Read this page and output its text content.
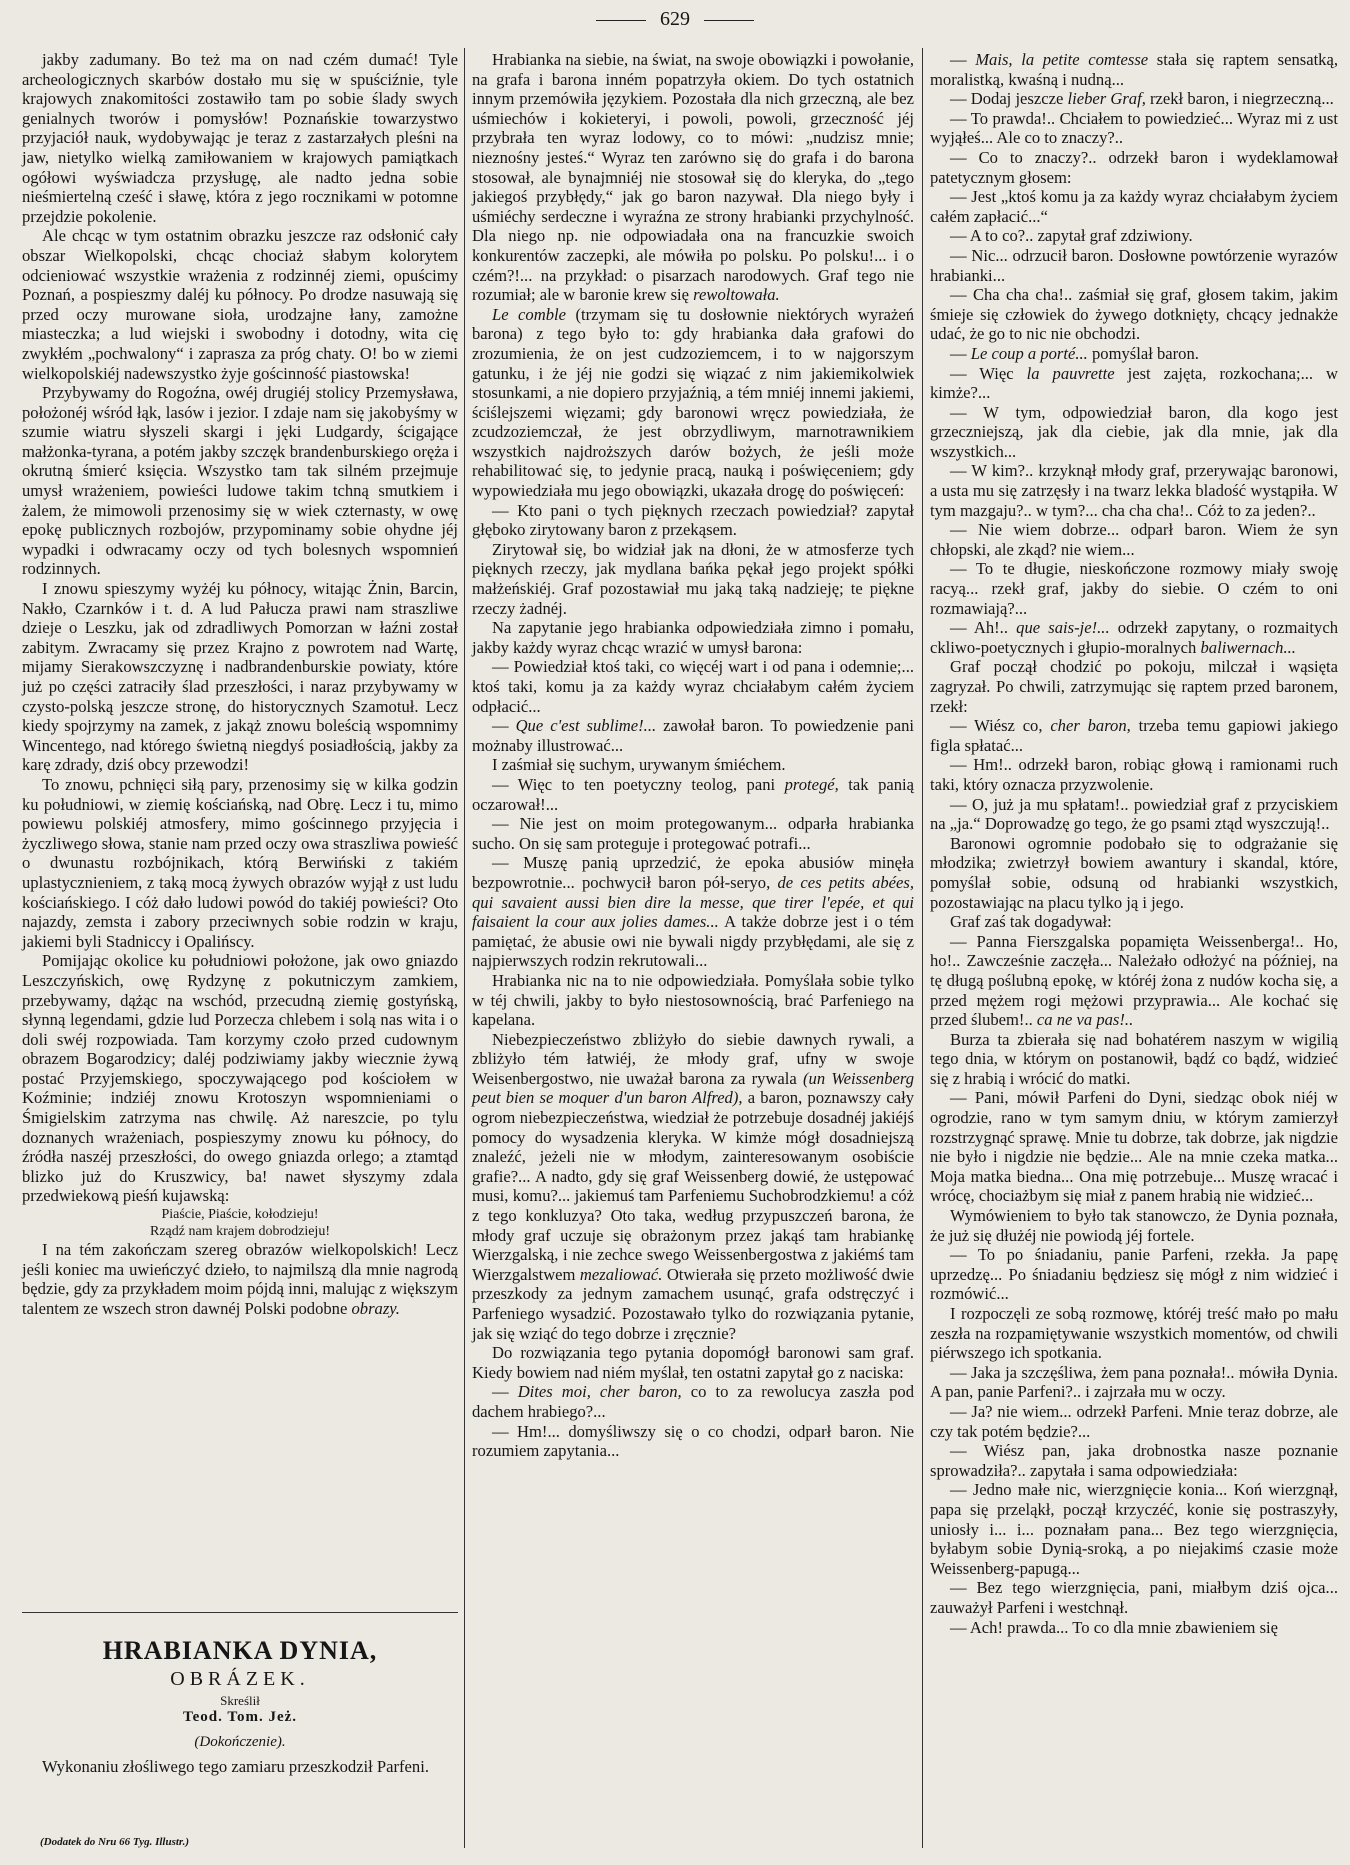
629

jakby zadumany. Bo też ma on nad czém dumać! Tyle archeologicznych skarbów dostało mu się w spuściźnie, tyle krajowych znakomitości zostawiło tam po sobie ślady swych genialnych tworów i pomysłów! Poznańskie towarzystwo przyjaciół nauk, wydobywając je teraz z zastarzałych pleśni na jaw, nietylko wielką zamiłowaniem w krajowych pamiątkach ogółowi wyświadcza przysługę, ale nadto jedna sobie nieśmiertelną cześć i sławę, która z jego rocznikami w potomne przejdzie pokolenie.

Ale chcąc w tym ostatnim obrazku jeszcze raz odsłonić cały obszar Wielkopolski, chcąc chociaż słabym kolorytem odcieniować wszystkie wrażenia z rodzinnéj ziemi, opuścimy Poznań, a pospieszmy daléj ku północy. Po drodze nasuwają się przed oczy murowane sioła, urodzajne łany, zamożne miasteczka; a lud wiejski i swobodny i dotodny, wita cię zwykłém „pochwalony“ i zaprasza za próg chaty. O! bo w ziemi wielkopolskiéj nadewszystko żyje gościnność piastowska!

Przybywamy do Rogoźna, owéj drugiéj stolicy Przemysława, położonéj wśród łąk, lasów i jezior. I zdaje nam się jakobyśmy w szumie wiatru słyszeli skargi i jęki Ludgardy, ścigające małżonka-tyrana, a potém jakby szczęk brandenburskiego oręża i okrutną śmierć księcia. Wszystko tam tak silném przejmuje umysł wrażeniem, powieści ludowe takim tchną smutkiem i żalem, że mimowoli przenosimy się w wiek czternasty, w owę epokę publicznych rozbojów, przypominamy sobie ohydne jéj wypadki i odwracamy oczy od tych bolesnych wspomnień rodzinnych.

I znowu spieszymy wyżéj ku północy, witając Żnin, Barcin, Nakło, Czarnków i t. d. A lud Pałucza prawi nam straszliwe dzieje o Leszku, jak od zdradliwych Pomorzan w łaźni został zabitym. Zwracamy się przez Krajno z powrotem nad Wartę, mijamy Sierakowszczyznę i nadbrandenburskie powiaty, które już po części zatraciły ślad przeszłości, i naraz przybywamy w czysto-polską jeszcze stronę, do historycznych Szamotuł. Lecz kiedy spojrzymy na zamek, z jakąż znowu boleścią wspomnimy Wincentego, nad którego świetną niegdyś posiadłością, jakby za karę zdrady, dziś obcy przewodzi!

To znowu, pchnięci siłą pary, przenosimy się w kilka godzin ku południowi, w ziemię kościańską, nad Obrę. Lecz i tu, mimo powiewu polskiéj atmosfery, mimo gościnnego przyjęcia i życzliwego słowa, stanie nam przed oczy owa straszliwa powieść o dwunastu rozbójnikach, którą Berwiński z takiém uplastycznieniem, z taką mocą żywych obrazów wyjął z ust ludu kościańskiego. I cóż dało ludowi powód do takiéj powieści? Oto najazdy, zemsta i zabory przeciwnych sobie rodzin w kraju, jakiemi byli Stadniccy i Opalińscy.

Pomijając okolice ku południowi położone, jak owo gniazdo Leszczyńskich, owę Rydzynę z pokutniczym zamkiem, przebywamy, dążąc na wschód, przecudną ziemię gostyńską, słynną legendami, gdzie lud Porzecza chlebem i solą nas wita i o doli swéj rozpowiada. Tam korzymy czoło przed cudownym obrazem Bogarodzicy; daléj podziwiamy jakby wiecznie żywą postać Przyjemskiego, spoczywającego pod kościołem w Koźminie; indziéj znowu Krotoszyn wspomnieniami o Śmigielskim zatrzyma nas chwilę. Aż nareszcie, po tylu doznanych wrażeniach, pospieszymy znowu ku północy, do źródła naszéj przeszłości, do owego gniazda orlego; a ztamtąd blizko już do Kruszwicy, ba! nawet słyszymy zdala przedwiekową pieśń kujawską:

Piaście, Piaście, kołodzieju!

Rządź nam krajem dobrodzieju!

I na tém zakończam szereg obrazów wielkopolskich! Lecz jeśli koniec ma uwieńczyć dzieło, to najmilszą dla mnie nagrodą będzie, gdy za przykładem moim pójdą inni, malując z większym talentem ze wszech stron dawnéj Polski podobne obrazy.

HRABIANKA DYNIA,
OBRÁZEK.
Skreślił
Teod. Tom. Jeż.
(Dokończenie).
Wykonaniu złośliwego tego zamiaru przeszkodził Parfeni.
(Dodatek do Nru 66 Tyg. Illustr.)

Hrabianka na siebie, na świat, na swoje obowiązki i powołanie, na grafa i barona inném popatrzyła okiem. Do tych ostatnich innym przemówiła językiem. Pozostała dla nich grzeczną, ale bez uśmiechów i kokieteryi, i powoli, powoli, grzeczność jéj przybrała ten wyraz lodowy, co to mówi: „nudzisz mnie; nieznośny jesteś.“ Wyraz ten zarówno się do grafa i do barona stosował, ale bynajmniéj nie stosował się do kleryka, do „tego jakiegoś przybłędy,“ jak go baron nazywał. Dla niego były i uśmiéchy serdeczne i wyraźna ze strony hrabianki przychylność. Dla niego np. nie odpowiadała ona na francuzkie swoich konkurentów zaczepki, ale mówiła po polsku. Po polsku!... i o czém?!... na przykład: o pisarzach narodowych. Graf tego nie rozumiał; ale w baronie krew się rewoltowała.

Le comble (trzymam się tu dosłownie niektórych wyrażeń barona) z tego było to: gdy hrabianka dała grafowi do zrozumienia, że on jest cudzoziemcem, i to w najgorszym gatunku, i że jéj nie godzi się wiązać z nim jakiemikolwiek stosunkami, a nie dopiero przyjaźnią, a tém mniéj innemi jakiemi, ściślejszemi więzami; gdy baronowi wręcz powiedziała, że zcudzoziemczał, że jest obrzydliwym, marnotrawnikiem wszystkich najdroższych darów bożych, że jeśli może rehabilitować się, to jedynie pracą, nauką i poświęceniem; gdy wypowiedziała mu jego obowiązki, ukazała drogę do poświęceń:

— Kto pani o tych pięknych rzeczach powiedział? zapytał głęboko zirytowany baron z przekąsem.

Zirytował się, bo widział jak na dłoni, że w atmosferze tych pięknych rzeczy, jak mydlana bańka pękał jego projekt spółki małżeńskiéj. Graf pozostawiał mu jaką taką nadzieję; te piękne rzeczy żadnéj.

Na zapytanie jego hrabianka odpowiedziała zimno i pomału, jakby każdy wyraz chcąc wrazić w umysł barona:

— Powiedział ktoś taki, co więcéj wart i od pana i odemnie;... ktoś taki, komu ja za każdy wyraz chciałabym całém życiem odpłacić...

— Que c'est sublime!... zawołał baron. To powiedzenie pani możnaby illustrować...

I zaśmiał się suchym, urywanym śmiéchem.

— Więc to ten poetyczny teolog, pani protegé, tak panią oczarował!...

— Nie jest on moim protegowanym... odparła hrabianka sucho. On się sam proteguje i protegować potrafi...

— Muszę panią uprzedzić, że epoka abusiów minęła bezpowrotnie... pochwycił baron pół-seryo, de ces petits abées, qui savaient aussi bien dire la messe, que tirer l'epée, et qui faisaient la cour aux jolies dames... A także dobrze jest i o tém pamiętać, że abusie owi nie bywali nigdy przybłędami, ale się z najpierwszych rodzin rekrutowali...

Hrabianka nic na to nie odpowiedziała. Pomyślała sobie tylko w téj chwili, jakby to było niestosownością, brać Parfeniego na kapelana.

Niebezpieczeństwo zbliżyło do siebie dawnych rywali, a zbliżyło tém łatwiéj, że młody graf, ufny w swoje Weisenbergostwo, nie uważał barona za rywala (un Weissenberg peut bien se moquer d'un baron Alfred), a baron, poznawszy cały ogrom niebezpieczeństwa, wiedział że potrzebuje dosadnéj jakiéjś pomocy do wysadzenia kleryka. W kimże mógł dosadniejszą znaleźć, jeżeli nie w młodym, zainteresowanym osobiście grafie?... A nadto, gdy się graf Weissenberg dowié, że ustępować musi, komu?... jakiemuś tam Parfeniemu Suchobrodzkiemu! a cóż z tego konkluzya? Oto taka, według przypuszczeń barona, że młody graf uczuje się obrażonym przez jakąś tam hrabiankę Wierzgalską, i nie zechce swego Weissenbergostwa z jakiémś tam Wierzgalstwem mezaliować. Otwierała się przeto możliwość dwie przeszkody za jednym zamachem usunąć, grafa odstręczyć i Parfeniego wysadzić. Pozostawało tylko do rozwiązania pytanie, jak się wziąć do tego dobrze i zręcznie?

Do rozwiązania tego pytania dopomógł baronowi sam graf. Kiedy bowiem nad niém myślał, ten ostatni zapytał go z naciska:

— Dites moi, cher baron, co to za rewolucya zaszła pod dachem hrabiego?...

— Hm!... domyśliwszy się o co chodzi, odparł baron. Nie rozumiem zapytania...

— Mais, la petite comtesse stała się raptem sensatką, moralistką, kwaśną i nudną...

— Dodaj jeszcze lieber Graf, rzekł baron, i niegrzeczną...

— To prawda!.. Chciałem to powiedzieć... Wyraz mi z ust wyjąłeś... Ale co to znaczy?..

— Co to znaczy?.. odrzekł baron i wydeklamował patetycznym głosem:

— Jest „ktoś komu ja za każdy wyraz chciałabym życiem całém zapłacić...“

— A to co?.. zapytał graf zdziwiony.

— Nic... odrzucił baron. Dosłowne powtórzenie wyrazów hrabianki...

— Cha cha cha!.. zaśmiał się graf, głosem takim, jakim śmieje się człowiek do żywego dotknięty, chcący jednakże udać, że go to nic nie obchodzi.

— Le coup a porté... pomyślał baron.

— Więc la pauvrette jest zajęta, rozkochana;... w kimże?...

— W tym, odpowiedział baron, dla kogo jest grzeczniejszą, jak dla ciebie, jak dla mnie, jak dla wszystkich...

— W kim?.. krzyknął młody graf, przerywając baronowi, a usta mu się zatrzęsły i na twarz lekka bladość wystąpiła. W tym mazgaju?.. w tym?... cha cha cha!.. Cóż to za jeden?..

— Nie wiem dobrze... odparł baron. Wiem że syn chłopski, ale zkąd? nie wiem...

— To te długie, nieskończone rozmowy miały swoję racyą... rzekł graf, jakby do siebie. O czém to oni rozmawiają?...

— Ah!.. que sais-je!... odrzekł zapytany, o rozmaitych ckliwo-poetycznych i głupio-moralnych baliwernach...

Graf począł chodzić po pokoju, milczał i wąsięta zagryzał. Po chwili, zatrzymując się raptem przed baronem, rzekł:

— Wiész co, cher baron, trzeba temu gapiowi jakiego figla spłatać...

— Hm!.. odrzekł baron, robiąc głową i ramionami ruch taki, który oznacza przyzwolenie.

— O, już ja mu spłatam!.. powiedział graf z przyciskiem na „ja.“ Doprowadzę go tego, że go psami ztąd wyszczują!..

Baronowi ogromnie podobało się to odgrażanie się młodzika; zwietrzył bowiem awantury i skandal, które, pomyślał sobie, odsuną od hrabianki wszystkich, pozostawiając na placu tylko ją i jego.

Graf zaś tak dogadywał:

— Panna Fierszgalska popamięta Weissenberga!.. Ho, ho!.. Zawcześnie zaczęła... Należało odłożyć na później, na tę długą poślubną epokę, w któréj żona z nudów kocha się, a przed mężem rogi mężowi przyprawia... Ale kochać się przed ślubem!.. ca ne va pas!..

Burza ta zbierała się nad bohatérem naszym w wigilią tego dnia, w którym on postanowił, bądź co bądź, widzieć się z hrabią i wrócić do matki.

— Pani, mówił Parfeni do Dyni, siedząc obok niéj w ogrodzie, rano w tym samym dniu, w którym zamierzył rozstrzygnąć sprawę. Mnie tu dobrze, tak dobrze, jak nigdzie nie było i nigdzie nie będzie... Ale na mnie czeka matka... Moja matka biedna... Ona mię potrzebuje... Muszę wracać i wrócę, chociażbym się miał z panem hrabią nie widzieć...

Wymówieniem to było tak stanowczo, że Dynia poznała, że już się dłużéj nie powiodą jéj fortele.

— To po śniadaniu, panie Parfeni, rzekła. Ja papę uprzedzę... Po śniadaniu będziesz się mógł z nim widzieć i rozmówić...

I rozpoczęli ze sobą rozmowę, któréj treść mało po mału zeszła na rozpamiętywanie wszystkich momentów, od chwili piérwszego ich spotkania.

— Jaka ja szczęśliwa, żem pana poznała!.. mówiła Dynia. A pan, panie Parfeni?.. i zajrzała mu w oczy.

— Ja? nie wiem... odrzekł Parfeni. Mnie teraz dobrze, ale czy tak potém będzie?...

— Wiész pan, jaka drobnostka nasze poznanie sprowadziła?.. zapytała i sama odpowiedziała:

— Jedno małe nic, wierzgnięcie konia... Koń wierzgnął, papa się przeląkł, począł krzyczéć, konie się postraszyły, uniosły i... i... poznałam pana... Bez tego wierzgnięcia, byłabym sobie Dynią-sroką, a po niejakimś czasie może Weissenberg-papugą...

— Bez tego wierzgnięcia, pani, miałbym dziś ojca... zauważył Parfeni i westchnął.

— Ach! prawda... To co dla mnie zbawieniem się
